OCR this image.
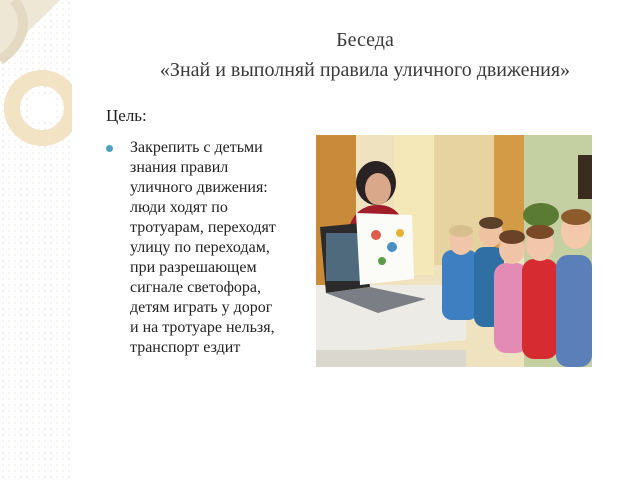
Беседа
«Знай и выполняй правила уличного движения»
Цель:
Закрепить с детьми знания правил уличного движения: люди ходят по тротуарам, переходят улицу по переходам, при разрешающем сигнале светофора, детям играть у дорог и на тротуаре нельзя, транспорт ездит
